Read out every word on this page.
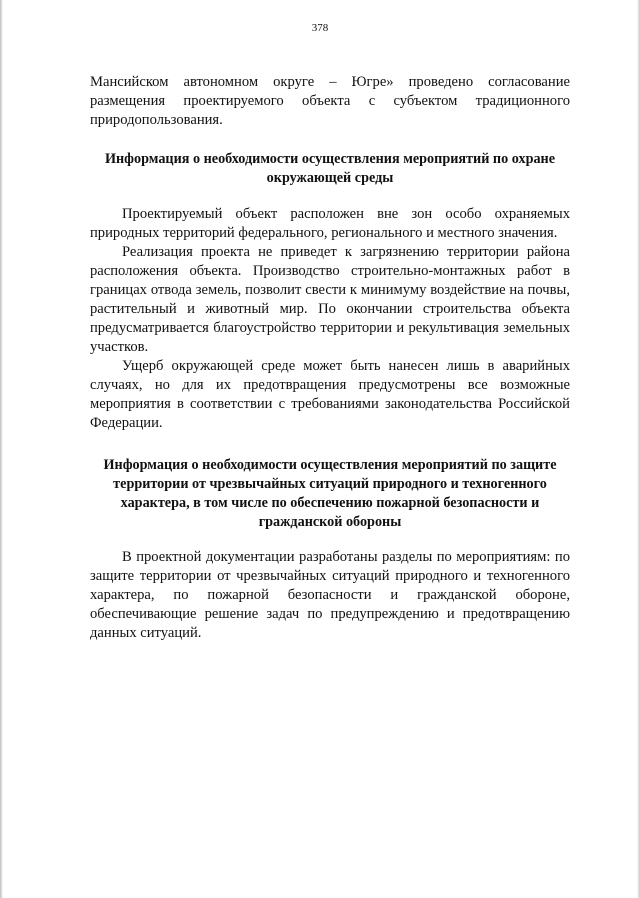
378

Мансийском автономном округе – Югре» проведено согласование размещения проектируемого объекта с субъектом традиционного природопользования.

Информация о необходимости осуществления мероприятий по охране окружающей среды

Проектируемый объект расположен вне зон особо охраняемых природных территорий федерального, регионального и местного значения.

Реализация проекта не приведет к загрязнению территории района расположения объекта. Производство строительно-монтажных работ в границах отвода земель, позволит свести к минимуму воздействие на почвы, растительный и животный мир. По окончании строительства объекта предусматривается благоустройство территории и рекультивация земельных участков.

Ущерб окружающей среде может быть нанесен лишь в аварийных случаях, но для их предотвращения предусмотрены все возможные мероприятия в соответствии с требованиями законодательства Российской Федерации.

Информация о необходимости осуществления мероприятий по защите территории от чрезвычайных ситуаций природного и техногенного характера, в том числе по обеспечению пожарной безопасности и гражданской обороны

В проектной документации разработаны разделы по мероприятиям: по защите территории от чрезвычайных ситуаций природного и техногенного характера, по пожарной безопасности и гражданской обороне, обеспечивающие решение задач по предупреждению и предотвращению данных ситуаций.
